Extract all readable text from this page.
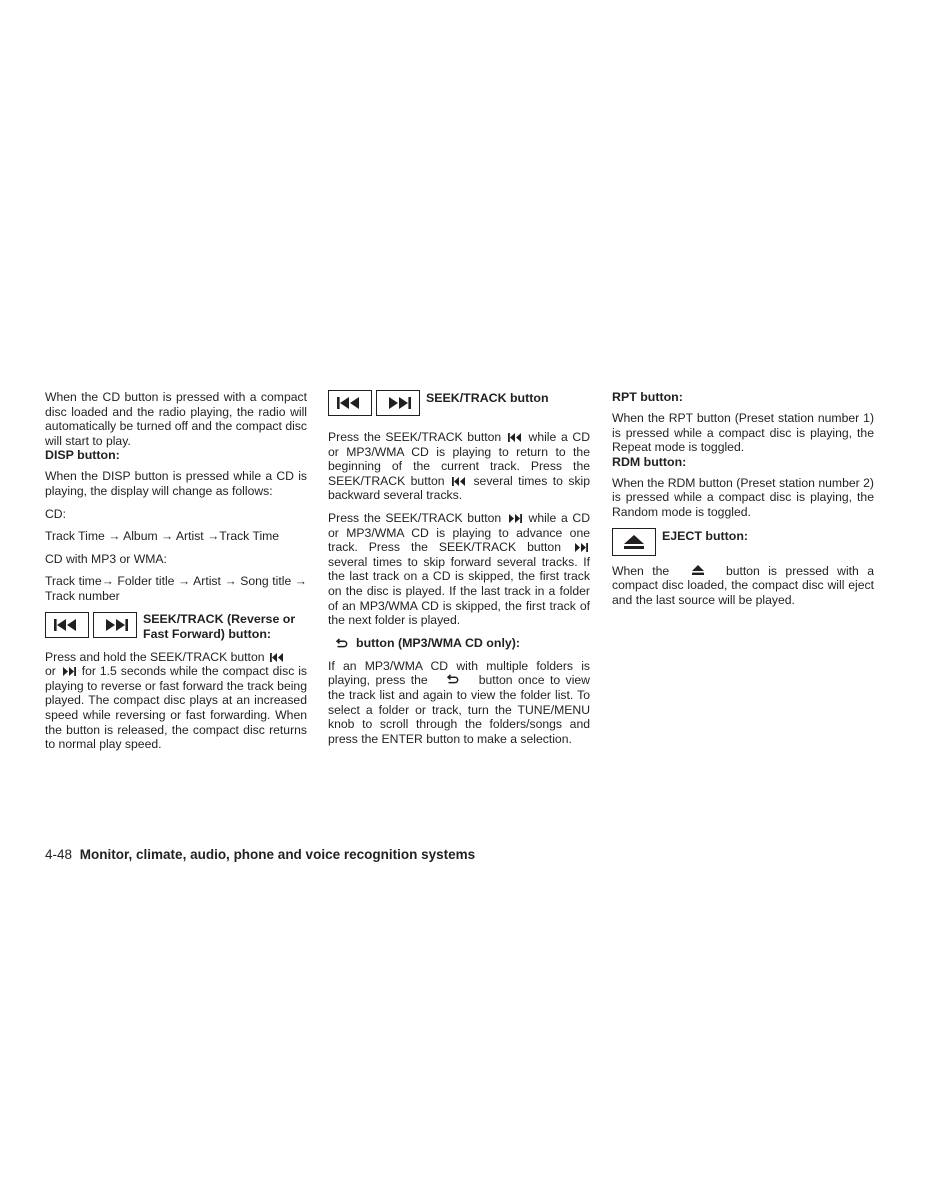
When the CD button is pressed with a compact disc loaded and the radio playing, the radio will automatically be turned off and the compact disc will start to play.

DISP button:

When the DISP button is pressed while a CD is playing, the display will change as follows:

CD:

Track Time → Album → Artist →Track Time

CD with MP3 or WMA:

Track time→ Folder title → Artist → Song title → Track number

SEEK/TRACK (Reverse or Fast Forward) button:

Press and hold the SEEK/TRACK button
or for 1.5 seconds while the compact disc is playing to reverse or fast forward the track being played. The compact disc plays at an increased speed while reversing or fast forwarding. When the button is released, the compact disc returns to normal play speed.

SEEK/TRACK button

Press the SEEK/TRACK button while a CD or MP3/WMA CD is playing to return to the beginning of the current track. Press the SEEK/TRACK button several times to skip backward several tracks.

Press the SEEK/TRACK button while a CD or MP3/WMA CD is playing to advance one track. Press the SEEK/TRACK button  several times to skip forward several tracks. If the last track on a CD is skipped, the first track on the disc is played. If the last track in a folder of an MP3/WMA CD is skipped, the first track of the next folder is played.

button (MP3/WMA CD only):

If an MP3/WMA CD with multiple folders is playing, press the	button once to view the track list and again to view the folder list. To select a folder or track, turn the TUNE/MENU knob to scroll through the folders/songs and press the ENTER button to make a selection.

RPT button:

When the RPT button (Preset station number 1) is pressed while a compact disc is playing, the Repeat mode is toggled.

RDM button:

When the RDM button (Preset station number 2) is pressed while a compact disc is playing, the Random mode is toggled.

EJECT button:

When the	button is pressed with a compact disc loaded, the compact disc will eject and the last source will be played.

4-48 Monitor, climate, audio, phone and voice recognition systems
